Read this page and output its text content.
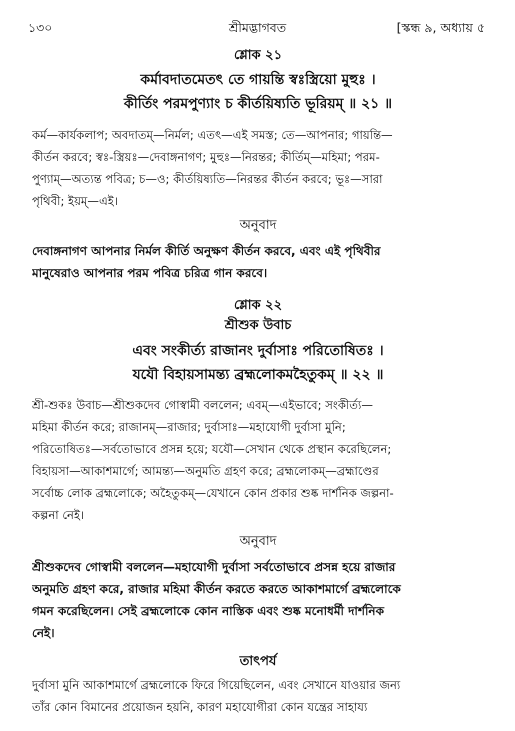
১৩০	শ্রীমদ্ভাগবত	[স্কন্ধ ৯, অধ্যায় ৫
শ্লোক ২১
কর্মাবদাতমেতৎ তে গায়ন্তি স্বঃস্ত্রিয়ো মুহুঃ ।
কীর্তিং পরমপুণ্যাং চ কীর্তয়িষ্যতি ভূরিয়ম্ ॥ ২১ ॥
কর্ম—কার্যকলাপ; অবদাতম্—নির্মল; এতৎ—এই সমস্ত; তে—আপনার; গায়ন্তি—
কীর্তন করবে; স্বঃ-স্ত্রিয়ঃ—দেবাঙ্গনাগণ; মুহুঃ—নিরন্তর; কীর্তিম্—মহিমা; পরম-
পুণ্যাম্—অত্যন্ত পবিত্র; চ—ও; কীর্তয়িষ্যতি—নিরন্তর কীর্তন করবে; ভূঃ—সারা
পৃথিবী; ইয়ম্—এই।
অনুবাদ
দেবাঙ্গনাগণ আপনার নির্মল কীর্তি অনুক্ষণ কীর্তন করবে, এবং এই পৃথিবীর
মানুষেরাও আপনার পরম পবিত্র চরিত্র গান করবে।
শ্লোক ২২
শ্রীশুক উবাচ
এবং সংকীর্ত্য রাজানং দুর্বাসাঃ পরিতোষিতঃ ।
যযৌ বিহায়সামন্ত্য ব্রহ্মলোকমহৈতুকম্ ॥ ২২ ॥
শ্রী-শুকঃ উবাচ—শ্রীশুকদেব গোস্বামী বললেন; এবম্—এইভাবে; সংকীর্ত্য—
মহিমা কীর্তন করে; রাজানম্—রাজার; দুর্বাসাঃ—মহাযোগী দুর্বাসা মুনি;
পরিতোষিতঃ—সর্বতোভাবে প্রসন্ন হয়ে; যযৌ—সেখান থেকে প্রস্থান করেছিলেন;
বিহায়সা—আকাশমার্গে; আমন্ত্য—অনুমতি গ্রহণ করে; ব্রহ্মলোকম্—ব্রহ্মাণ্ডের
সর্বোচ্চ লোক ব্রহ্মলোকে; অহৈতুকম্—যেখানে কোন প্রকার শুষ্ক দার্শনিক জল্পনা-
কল্পনা নেই।
অনুবাদ
শ্রীশুকদেব গোস্বামী বললেন—মহাযোগী দুর্বাসা সর্বতোভাবে প্রসন্ন হয়ে রাজার
অনুমতি গ্রহণ করে, রাজার মহিমা কীর্তন করতে করতে আকাশমার্গে ব্রহ্মলোকে
গমন করেছিলেন। সেই ব্রহ্মলোকে কোন নাস্তিক এবং শুষ্ক মনোধর্মী দার্শনিক
নেই।
তাৎপর্য
দুর্বাসা মুনি আকাশমার্গে ব্রহ্মলোকে ফিরে গিয়েছিলেন, এবং সেখানে যাওয়ার জন্য
তাঁর কোন বিমানের প্রয়োজন হয়নি, কারণ মহাযোগীরা কোন যন্ত্রের সাহায্য
